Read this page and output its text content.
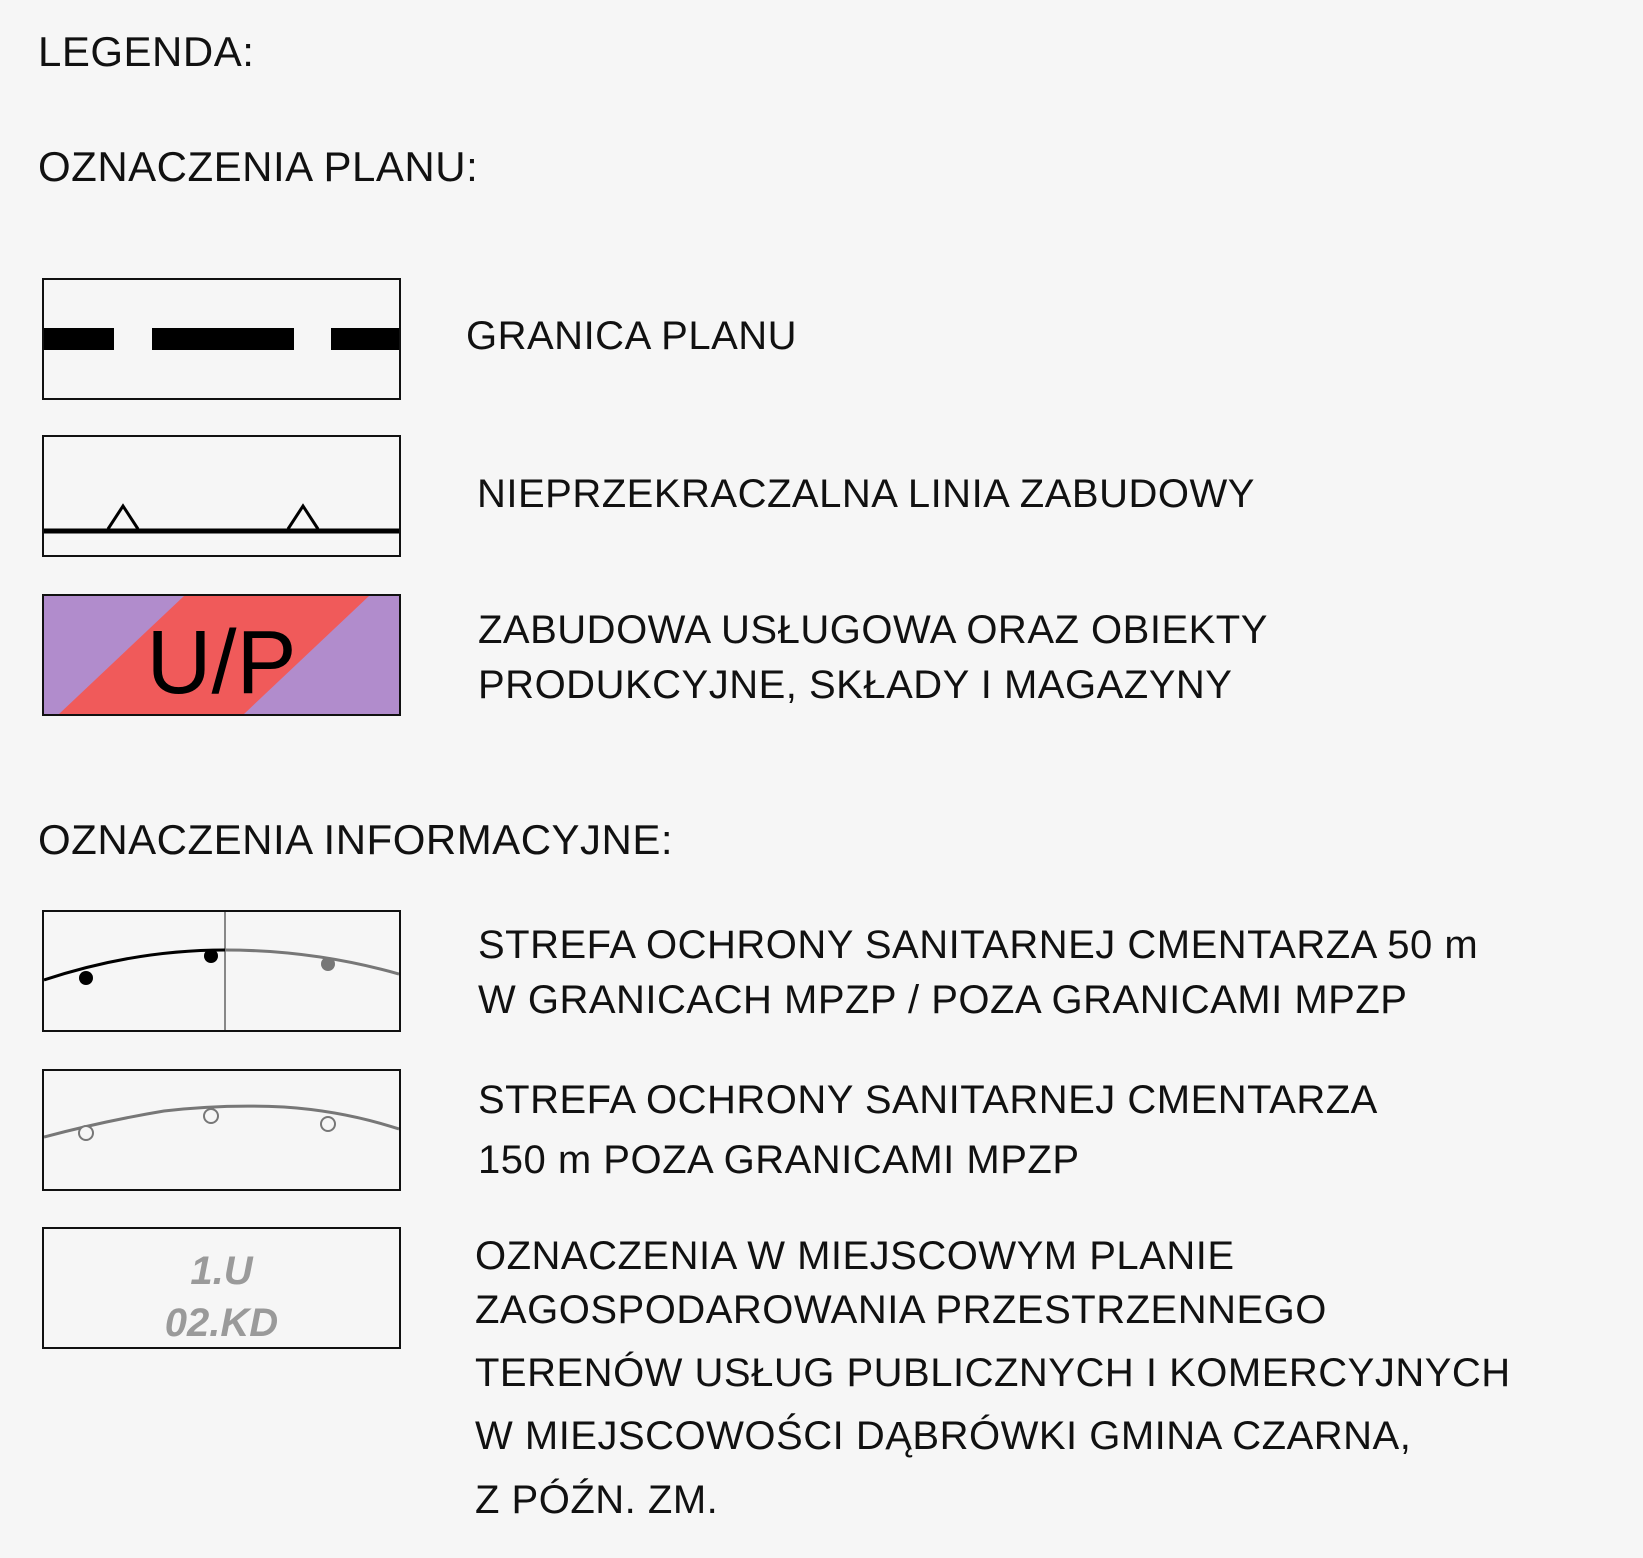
LEGENDA:
OZNACZENIA PLANU:
OZNACZENIA INFORMACYJNE:
GRANICA PLANU
NIEPRZEKRACZALNA LINIA ZABUDOWY
U/P	ZABUDOWA USŁUGOWA ORAZ OBIEKTY
PRODUKCYJNE, SKŁADY I MAGAZYNY
STREFA OCHRONY SANITARNEJ CMENTARZA 50 m
W GRANICACH MPZP / POZA GRANICAMI MPZP
STREFA OCHRONY SANITARNEJ CMENTARZA
150 m POZA GRANICAMI MPZP
1.U
02.KD
OZNACZENIA W MIEJSCOWYM PLANIE
ZAGOSPODAROWANIA PRZESTRZENNEGO
TERENÓW USŁUG PUBLICZNYCH I KOMERCYJNYCH
W MIEJSCOWOŚCI DĄBRÓWKI GMINA CZARNA,
Z PÓŹN. ZM.
